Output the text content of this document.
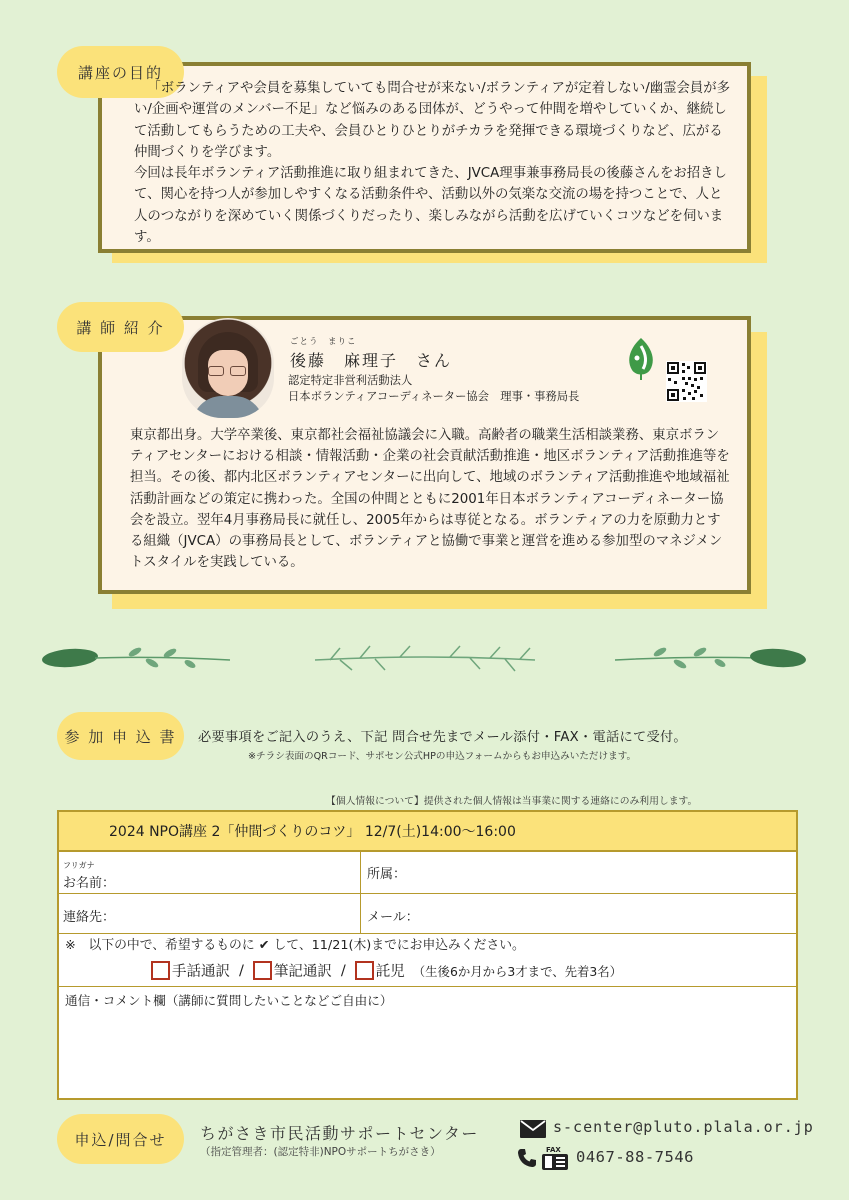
講座の目的

「ボランティアや会員を募集していても問合せが来ない/ボランティアが定着しない/幽霊会員が多い/企画や運営のメンバー不足」など悩みのある団体が、どうやって仲間を増やしていくか、継続して活動してもらうための工夫や、会員ひとりひとりがチカラを発揮できる環境づくりなど、広がる仲間づくりを学びます。

今回は長年ボランティア活動推進に取り組まれてきた、JVCA理事兼事務局長の後藤さんをお招きして、関心を持つ人が参加しやすくなる活動条件や、活動以外の気楽な交流の場を持つことで、人と人のつながりを深めていく関係づくりだったり、楽しみながら活動を広げていくコツなどを伺います。

講 師 紹 介
ごとう　まりこ
後藤　麻理子　さん
認定特定非営利活動法人
日本ボランティアコーディネーター協会　理事・事務局長
東京都出身。大学卒業後、東京都社会福祉協議会に入職。高齢者の職業生活相談業務、東京ボランティアセンターにおける相談・情報活動・企業の社会貢献活動推進・地区ボランティア活動推進等を担当。その後、都内北区ボランティアセンターに出向して、地域のボランティア活動推進や地域福祉活動計画などの策定に携わった。全国の仲間とともに2001年日本ボランティアコーディネーター協会を設立。翌年4月事務局長に就任し、2005年からは専従となる。ボランティアの力を原動力とする組織（JVCA）の事務局長として、ボランティアと協働で事業と運営を進める参加型のマネジメントスタイルを実践している。
参 加 申 込 書	必要事項をご記入のうえ、下記 問合せ先までメール添付・FAX・電話にて受付。
※チラシ表面のQRコード、サポセン公式HPの申込フォームからもお申込みいただけます。
【個人情報について】提供された個人情報は当事業に関する連絡にのみ利用します。
2024 NPO講座 2「仲間づくりのコツ」 12/7(土)14:00～16:00
フリガナ
お名前：
所属：
連絡先：	メール：
※　以下の中で、希望するものに ✔ して、11/21(木)までにお申込みください。
手話通訳 / 筆記通訳 / 託児 （生後6か月から3才まで、先着3名）
通信・コメント欄（講師に質問したいことなどご自由に）
申込/問合せ	ちがさき市民活動サポートセンター
（指定管理者：(認定特非)NPOサポートちがさき）
s-center@pluto.plala.or.jp
FAX 0467-88-7546
